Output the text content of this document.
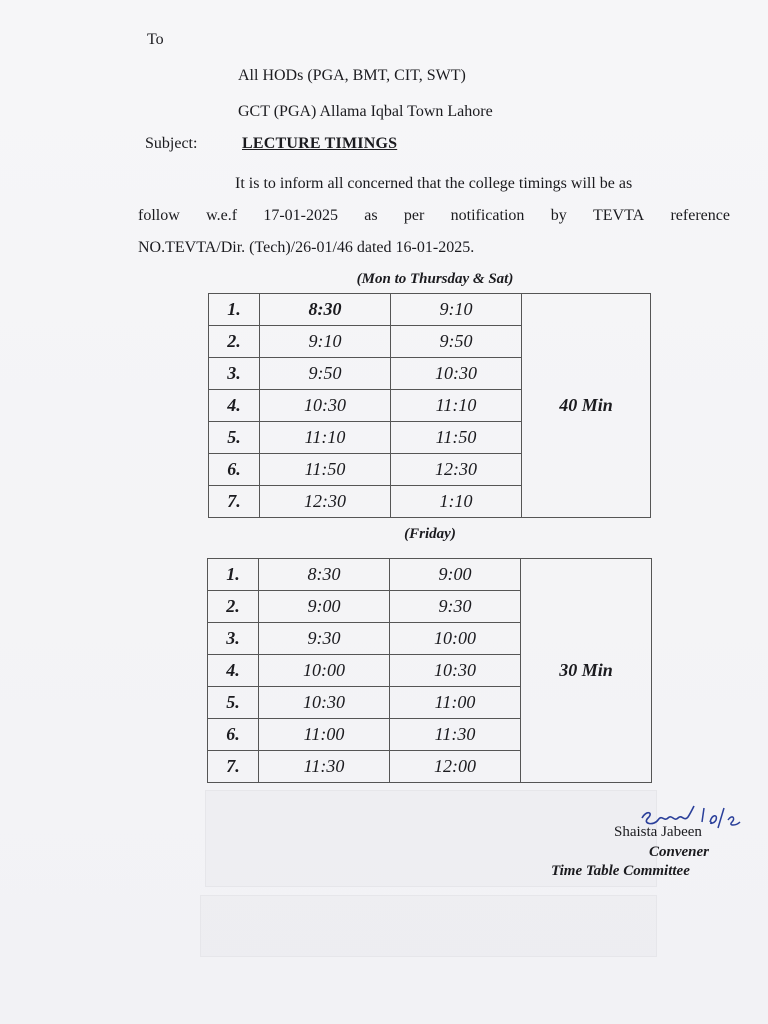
To
All HODs (PGA, BMT, CIT, SWT)
GCT (PGA) Allama Iqbal Town Lahore
Subject:	LECTURE TIMINGS
It is to inform all concerned that the college timings will be as
follow w.e.f 17-01-2025 as per notification by TEVTA reference
NO.TEVTA/Dir. (Tech)/26-01/46 dated 16-01-2025.
(Mon to Thursday & Sat)
1.	8:30	9:10	40 Min
2.	9:10	9:50	
3.	9:50	10:30	
4.	10:30	11:10	
5.	11:10	11:50	
6.	11:50	12:30	
7.	12:30	1:10	
(Friday)
1.	8:30	9:00	30 Min
2.	9:00	9:30	
3.	9:30	10:00	
4.	10:00	10:30	
5.	10:30	11:00	
6.	11:00	11:30	
7.	11:30	12:00	
Shaista Jabeen
Convener
Time Table Committee
